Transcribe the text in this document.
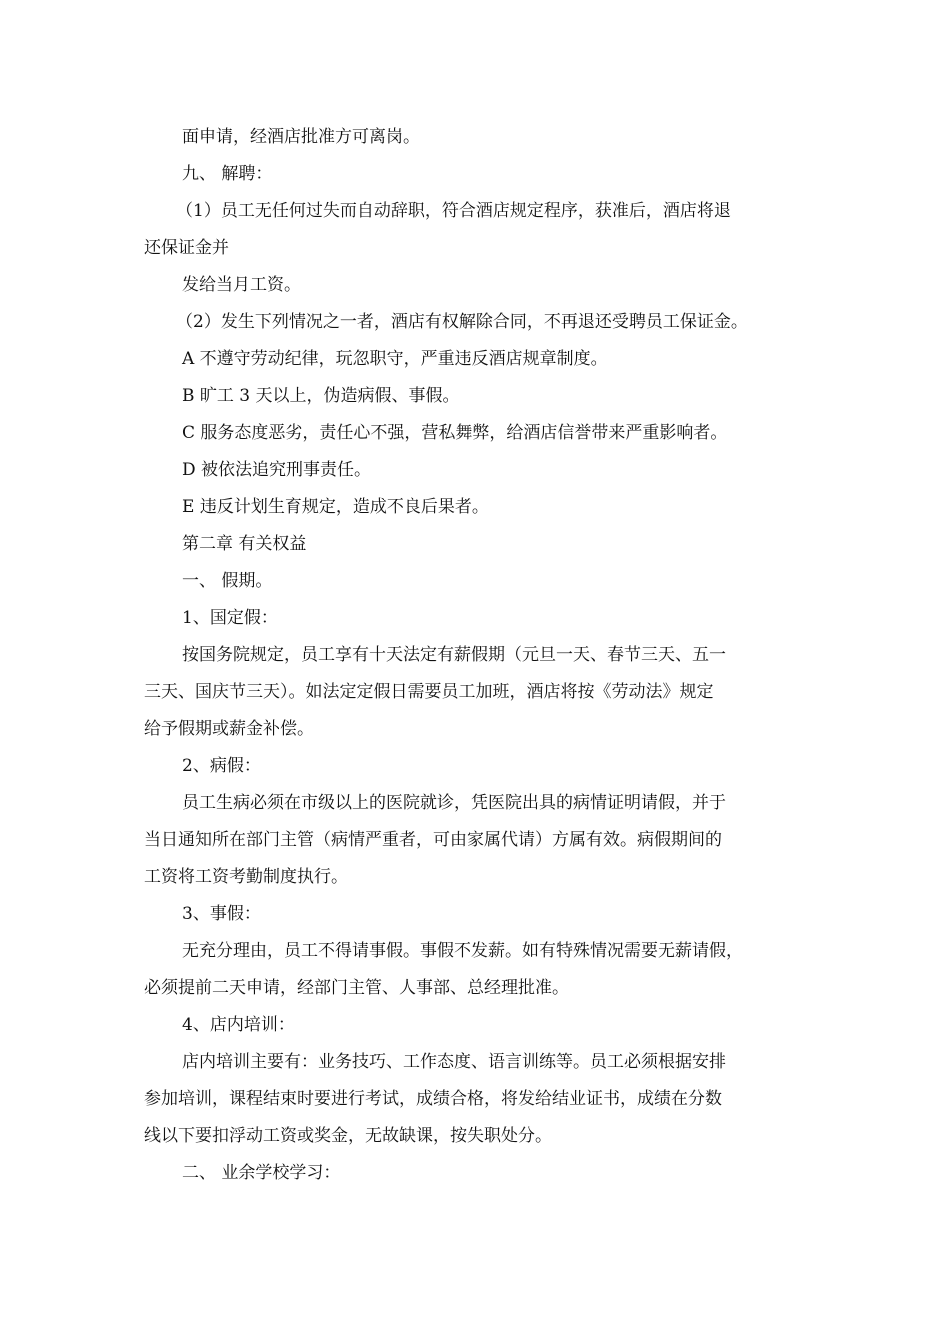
面申请，经酒店批准方可离岗。
九、 解聘：
（1）员工无任何过失而自动辞职，符合酒店规定程序，获准后，酒店将退
还保证金并
发给当月工资。
（2）发生下列情况之一者，酒店有权解除合同，不再退还受聘员工保证金。
A 不遵守劳动纪律，玩忽职守，严重违反酒店规章制度。
B 旷工 3 天以上，伪造病假、事假。
C 服务态度恶劣，责任心不强，营私舞弊，给酒店信誉带来严重影响者。
D 被依法追究刑事责任。
E 违反计划生育规定，造成不良后果者。
第二章 有关权益
一、 假期。
1、国定假：
按国务院规定，员工享有十天法定有薪假期（元旦一天、春节三天、五一
三天、国庆节三天）。如法定定假日需要员工加班，酒店将按《劳动法》规定
给予假期或薪金补偿。
2、病假：
员工生病必须在市级以上的医院就诊，凭医院出具的病情证明请假，并于
当日通知所在部门主管（病情严重者，可由家属代请）方属有效。病假期间的
工资将工资考勤制度执行。
3、事假：
无充分理由，员工不得请事假。事假不发薪。如有特殊情况需要无薪请假，
必须提前二天申请，经部门主管、人事部、总经理批准。
4、店内培训：
店内培训主要有：业务技巧、工作态度、语言训练等。员工必须根据安排
参加培训，课程结束时要进行考试，成绩合格，将发给结业证书，成绩在分数
线以下要扣浮动工资或奖金，无故缺课，按失职处分。
二、 业余学校学习：
